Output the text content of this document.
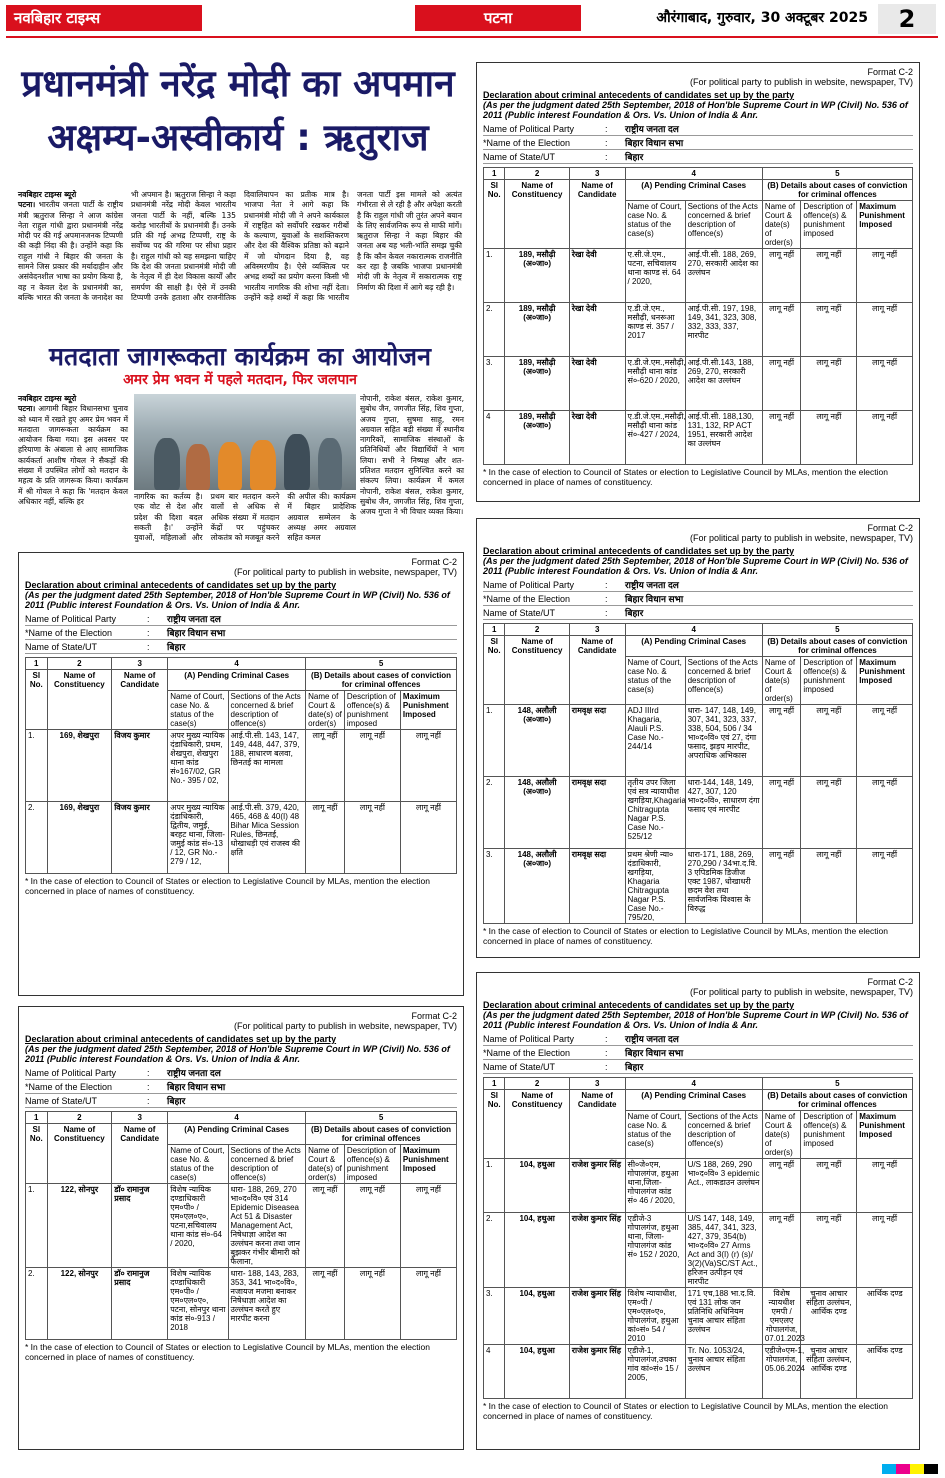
नवबिहार टाइम्स	पटना	औरंगाबाद, गुरुवार, 30 अक्टूबर 2025	2
प्रधानमंत्री नरेंद्र मोदी का अपमान
अक्षम्य-अस्वीकार्य : ऋतुराज
नवबिहार टाइम्स ब्यूरो
पटना। भारतीय जनता पार्टी के राष्ट्रीय मंत्री ऋतुराज सिन्हा ने आज कांग्रेस नेता राहुल गांधी द्वारा प्रधानमंत्री नरेंद्र मोदी पर की गई अपमानजनक टिप्पणी की कड़ी निंदा की है। उन्होंने कहा कि राहुल गांधी ने बिहार की जनता के सामने जिस प्रकार की मर्यादाहीन और असंवेदनशील भाषा का प्रयोग किया है, वह न केवल देश के प्रधानमंत्री का, बल्कि भारत की जनता के जनादेश का भी अपमान है। ऋतुराज सिन्हा ने कहा प्रधानमंत्री नरेंद्र मोदी केवल भारतीय जनता पार्टी के नहीं, बल्कि 135 करोड़ भारतीयों के प्रधानमंत्री हैं। उनके प्रति की गई अभद्र टिप्पणी, राष्ट्र के सर्वोच्च पद की गरिमा पर सीधा प्रहार है। राहुल गांधी को यह समझना चाहिए कि देश की जनता प्रधानमंत्री मोदी जी के नेतृत्व में ही देश विकास कार्यों और समर्पण की साक्षी है। ऐसे में उनकी टिप्पणी उनके हताशा और राजनीतिक दिवालियापन का प्रतीक मात्र है। भाजपा नेता ने आगे कहा कि प्रधानमंत्री मोदी जी ने अपने कार्यकाल में राष्ट्रहित को सर्वोपरि रखकर गरीबों के कल्याण, युवाओं के सशक्तिकरण और देश की वैश्विक प्रतिष्ठा को बढ़ाने में जो योगदान दिया है, वह अविस्मरणीय है। ऐसे व्यक्तित्व पर अभद्र शब्दों का प्रयोग करना किसी भी भारतीय नागरिक की शोभा नहीं देता। उन्होंने कड़े शब्दों में कहा कि भारतीय जनता पार्टी इस मामले को अत्यंत गंभीरता से ले रही है और अपेक्षा करती है कि राहुल गांधी जी तुरंत अपने बयान के लिए सार्वजनिक रूप से माफी मांगें। ऋतुराज सिन्हा ने कहा बिहार की जनता अब यह भली-भांति समझ चुकी है कि कौन केवल नकारात्मक राजनीति कर रहा है जबकि भाजपा प्रधानमंत्री मोदी जी के नेतृत्व में सकारात्मक राष्ट्र निर्माण की दिशा में आगे बढ़ रही है।
मतदाता जागरूकता कार्यक्रम का आयोजन
अमर प्रेम भवन में पहले मतदान, फिर जलपान
नवबिहार टाइम्स ब्यूरो
पटना। आगामी बिहार विधानसभा चुनाव को ध्यान में रखते हुए अमर प्रेम भवन में मतदाता जागरूकता कार्यक्रम का आयोजन किया गया। इस अवसर पर हरियाणा के अंबाला से आए सामाजिक कार्यकर्ता आशीष गोयल ने सैकड़ों की संख्या में उपस्थित लोगों को मतदान के महत्व के प्रति जागरूक किया। कार्यक्रम में श्री गोयल ने कहा कि 'मतदान केवल अधिकार नहीं, बल्कि हर
नोपानी, राकेश बंसल, राकेश कुमार, सुबोध जैन, जगजीत सिंह, शिव गुप्ता, अजय गुप्ता, सुषमा साहू, रमन अग्रवाल सहित बड़ी संख्या में स्थानीय नागरिकों, सामाजिक संस्थाओं के प्रतिनिधियों और विद्यार्थियों ने भाग लिया। सभी ने निष्पक्ष और शत-प्रतिशत मतदान सुनिश्चित करने का संकल्प लिया। कार्यक्रम में कमल नोपानी, राकेश बंसल, राकेश कुमार, सुबोध जैन, जगजीत सिंह, शिव गुप्ता, अजय गुप्ता ने भी विचार व्यक्त किया।
नागरिक का कर्तव्य है। एक वोट से देश और प्रदेश की दिशा बदल सकती है।' उन्होंने युवाओं, महिलाओं और प्रथम बार मतदान करने वालों से अधिक से अधिक संख्या में मतदान केंद्रों पर पहुंचकर लोकतंत्र को मजबूत करने की अपील की। कार्यक्रम में बिहार प्रादेशिक अग्रवाल सम्मेलन के अध्यक्ष अमर अग्रवाल सहित कमल
Format C-2
(For political party to publish in website, newspaper, TV)
Declaration about criminal antecedents of candidates set up by the party
(As per the judgment dated 25th September, 2018 of Hon'ble Supreme Court in WP (Civil) No. 536 of 2011 (Public interest Foundation & Ors. Vs. Union of India & Anr.
Name of Political Party	:	राष्ट्रीय जनता दल
*Name of the Election	:	बिहार विधान सभा
Name of State/UT	:	बिहार
1	2	3	4		5		
Sl No.	Name of Constituency	Name of Candidate	(A) Pending Criminal Cases		(B) Details about cases of conviction for criminal offences		
			Name of Court, case No. & status of the case(s)	Sections of the Acts concerned & brief description of offence(s)	Name of Court & date(s) of order(s)	Description of offence(s) & punishment imposed	Maximum Punishment Imposed
1.	189, मसौढ़ी (अ०जा०)	रेखा देवी	ए.सी.जे.एम., पटना, सचिवालय थाना काण्ड सं. 64 / 2020,	आई.पी.सी. 188, 269, 270, सरकारी आदेश का उल्लंघन	लागू नहीं	लागू नहीं	लागू नहीं
2.	189, मसौढ़ी (अ०जा०)	रेखा देवी	ए.डी.जे.एम., मसौढ़ी, धनरूआ काण्ड सं. 357 / 2017	आई.पी.सी. 197, 198, 149, 341, 323, 308, 332, 333, 337, मारपीट	लागू नहीं	लागू नहीं	लागू नहीं
3.	189, मसौढ़ी (अ०जा०)	रेखा देवी	ए.डी.जे.एम.,मसौढ़ी, मसौढ़ी थाना कांड सं०-620 / 2020,	आई.पी.सी.143, 188, 269, 270, सरकारी आदेश का उल्लंघन	लागू नहीं	लागू नहीं	लागू नहीं
4	189, मसौढ़ी (अ०जा०)	रेखा देवी	ए.डी.जे.एम.,मसौढ़ी, मसौढ़ी थाना कांड सं०-427 / 2024,	आई.पी.सी. 188,130, 131, 132, RP ACT 1951, सरकारी आदेश का उल्लंघन	लागू नहीं	लागू नहीं	लागू नहीं
* In the case of election to Council of States or election to Legislative Council by MLAs, mention the election concerned in place of names of constituency.
Format C-2
(For political party to publish in website, newspaper, TV)
Declaration about criminal antecedents of candidates set up by the party
(As per the judgment dated 25th September, 2018 of Hon'ble Supreme Court in WP (Civil) No. 536 of 2011 (Public interest Foundation & Ors. Vs. Union of India & Anr.
Name of Political Party	:	राष्ट्रीय जनता दल
*Name of the Election	:	बिहार विधान सभा
Name of State/UT	:	बिहार
1	2	3	4		5		
Sl No.	Name of Constituency	Name of Candidate	(A) Pending Criminal Cases		(B) Details about cases of conviction for criminal offences		
			Name of Court, case No. & status of the case(s)	Sections of the Acts concerned & brief description of offence(s)	Name of Court & date(s) of order(s)	Description of offence(s) & punishment imposed	Maximum Punishment Imposed
1.	148, अलौली (अ०जा०)	रामवृक्ष सदा	ADJ IIIrd Khagaria, Alauli P.S. Case No.- 244/14	धारा- 147, 148, 149, 307, 341, 323, 337, 338, 504, 506 / 34 भा०द०वि० एवं 27, दंगा फसाद, झड़प मारपीट, अपराधिक अभिकास	लागू नहीं	लागू नहीं	लागू नहीं
2.	148, अलौली (अ०जा०)	रामवृक्ष सदा	तृतीय उपर जिला एवं सत्र न्यायाधीश खगड़िया,Khagaria Chitragupta Nagar P.S. Case No.- 525/12	धारा-144, 148, 149, 427, 307, 120 भा०द०वि०, साधारण दंगा फसाद एवं मारपीट	लागू नहीं	लागू नहीं	लागू नहीं
3.	148, अलौली (अ०जा०)	रामवृक्ष सदा	प्रथम श्रेणी न्या० दंडाधिकारी, खगड़िया, Khagaria Chitragupta Nagar P.S. Case No.- 795/20,	धारा-171, 188, 269, 270,290 / 34भा.द.वि. 3 एपिडमिक डिजीज एक्ट 1987, धोखाधरी छदम वेश तथा सार्वजनिक विश्वास के विरुद्ध	लागू नहीं	लागू नहीं	लागू नहीं
* In the case of election to Council of States or election to Legislative Council by MLAs, mention the election concerned in place of names of constituency.
Format C-2
(For political party to publish in website, newspaper, TV)
Declaration about criminal antecedents of candidates set up by the party
(As per the judgment dated 25th September, 2018 of Hon'ble Supreme Court in WP (Civil) No. 536 of 2011 (Public interest Foundation & Ors. Vs. Union of India & Anr.
Name of Political Party	:	राष्ट्रीय जनता दल
*Name of the Election	:	बिहार विधान सभा
Name of State/UT	:	बिहार
1	2	3	4		5		
Sl No.	Name of Constituency	Name of Candidate	(A) Pending Criminal Cases		(B) Details about cases of conviction for criminal offences		
			Name of Court, case No. & status of the case(s)	Sections of the Acts concerned & brief description of offence(s)	Name of Court & date(s) of order(s)	Description of offence(s) & punishment imposed	Maximum Punishment Imposed
1.	104, हथुआ	राजेश कुमार सिंह	सी०जे०एम, गोपालगंज, हथुआ थाना,जिला- गोपालगंज कांड सं० 46 / 2020,	U/S 188, 269, 290 भा०द०वि० 3 epidemic Act., लाकडाउन उल्लंघन	लागू नहीं	लागू नहीं	लागू नहीं
2.	104, हथुआ	राजेश कुमार सिंह	एडीजे-3 गोपालगंज, हथुआ थाना, जिला- गोपालगंज कांड सं० 152 / 2020,	U/S 147, 148, 149, 385, 447, 341, 323, 427, 379, 354(b) भा०द०वि० 27 Arms Act and 3(I) (r) (s)/ 3(2)(Va)SC/ST Act., हरिजन उत्पीड़न एवं मारपीट	लागू नहीं	लागू नहीं	लागू नहीं
3.	104, हथुआ	राजेश कुमार सिंह	विशेष न्यायाधीश, एम०पी / एम०एल०ए०, गोपालगंज, हथुआ कां०सं० 54 / 2010	171 एच,188 भा.द.वि. एवं 131 लोक जन प्रतिनिधि अधिनियम चुनाव आचार संहिता उल्लंघन	विशेष न्यायधीश एमपी / एमएलए गोपालगंज, 07.01.2023	चुनाव आचार संहिता उल्लंघन, आर्थिक दण्ड	आर्थिक दण्ड
4	104, हथुआ	राजेश कुमार सिंह	एडीजे-1, गोपालगंज,उचका गांव कां०सं० 15 / 2005,	Tr. No. 1053/24, चुनाव आचार संहिता उल्लंघन	एडीजे०एम-1, गोपालगंज, 05.06.2024	चुनाव आचार संहिता उल्लंघन, आर्थिक दण्ड	आर्थिक दण्ड
* In the case of election to Council of States or election to Legislative Council by MLAs, mention the election concerned in place of names of constituency.
Format C-2
(For political party to publish in website, newspaper, TV)
Declaration about criminal antecedents of candidates set up by the party
(As per the judgment dated 25th September, 2018 of Hon'ble Supreme Court in WP (Civil) No. 536 of 2011 (Public interest Foundation & Ors. Vs. Union of India & Anr.
Name of Political Party	:	राष्ट्रीय जनता दल
*Name of the Election	:	बिहार विधान सभा
Name of State/UT	:	बिहार
1	2	3	4		5		
Sl No.	Name of Constituency	Name of Candidate	(A) Pending Criminal Cases		(B) Details about cases of conviction for criminal offences		
			Name of Court, case No. & status of the case(s)	Sections of the Acts concerned & brief description of offence(s)	Name of Court & date(s) of order(s)	Description of offence(s) & punishment imposed	Maximum Punishment Imposed
1.	169, शेखपुरा	विजय कुमार	अपर मुख्य न्यायिक दंडाधिकारी, प्रथम, शेखपुरा, शेखपुरा थाना कांड सं०167/02, GR No.- 395 / 02,	आई.पी.सी. 143, 147, 149, 448, 447, 379, 188, साधारण बलवा, छिनतई का मामला	लागू नहीं	लागू नहीं	लागू नहीं
2.	169, शेखपुरा	विजय कुमार	अपर मुख्य न्यायिक दंडाधिकारी, द्वितीय, जमुई, बरहट थाना, जिला-जमुई कांड सं०-13 / 12, GR No.- 279 / 12,	आई.पी.सी. 379, 420, 465, 468 & 40(I) 48 Bihar Mica Session Rules, छिनतई, धोखाधड़ी एवं राजस्व की क्षति	लागू नहीं	लागू नहीं	लागू नहीं
* In the case of election to Council of States or election to Legislative Council by MLAs, mention the election concerned in place of names of constituency.
Format C-2
(For political party to publish in website, newspaper, TV)
Declaration about criminal antecedents of candidates set up by the party
(As per the judgment dated 25th September, 2018 of Hon'ble Supreme Court in WP (Civil) No. 536 of 2011 (Public interest Foundation & Ors. Vs. Union of India & Anr.
Name of Political Party	:	राष्ट्रीय जनता दल
*Name of the Election	:	बिहार विधान सभा
Name of State/UT	:	बिहार
1	2	3	4		5		
Sl No.	Name of Constituency	Name of Candidate	(A) Pending Criminal Cases		(B) Details about cases of conviction for criminal offences		
			Name of Court, case No. & status of the case(s)	Sections of the Acts concerned & brief description of offence(s)	Name of Court & date(s) of order(s)	Description of offence(s) & punishment imposed	Maximum Punishment Imposed
1.	122, सोनपुर	डॉ० रामानुज प्रसाद	विशेष न्यायिक दण्डाधिकारी एम०पी० / एम०एल०ए०, पटना,सचिवालय थाना कांड सं०-64 / 2020,	धारा- 188, 269, 270 भा०द०वि० एवं 314 Epidemic Diseasea Act 51 & Disaster Management Act, निषेधाज्ञा आदेश का उल्लंघन करना तथा जान बुझकर गंभीर बीमारी को फैलाना,	लागू नहीं	लागू नहीं	लागू नहीं
2.	122, सोनपुर	डॉ० रामानुज प्रसाद	विशेष न्यायिक दण्डाधिकारी एम०पी० / एम०एल०ए०, पटना, सोनपुर थाना कांड सं०-913 / 2018	धारा- 188, 143, 283, 353, 341 भा०द०वि०, नजायज मजमा बनाकर निषेधाज्ञा आदेश का उल्लंघन करते हुए मारपीट करना	लागू नहीं	लागू नहीं	लागू नहीं
* In the case of election to Council of States or election to Legislative Council by MLAs, mention the election concerned in place of names of constituency.
